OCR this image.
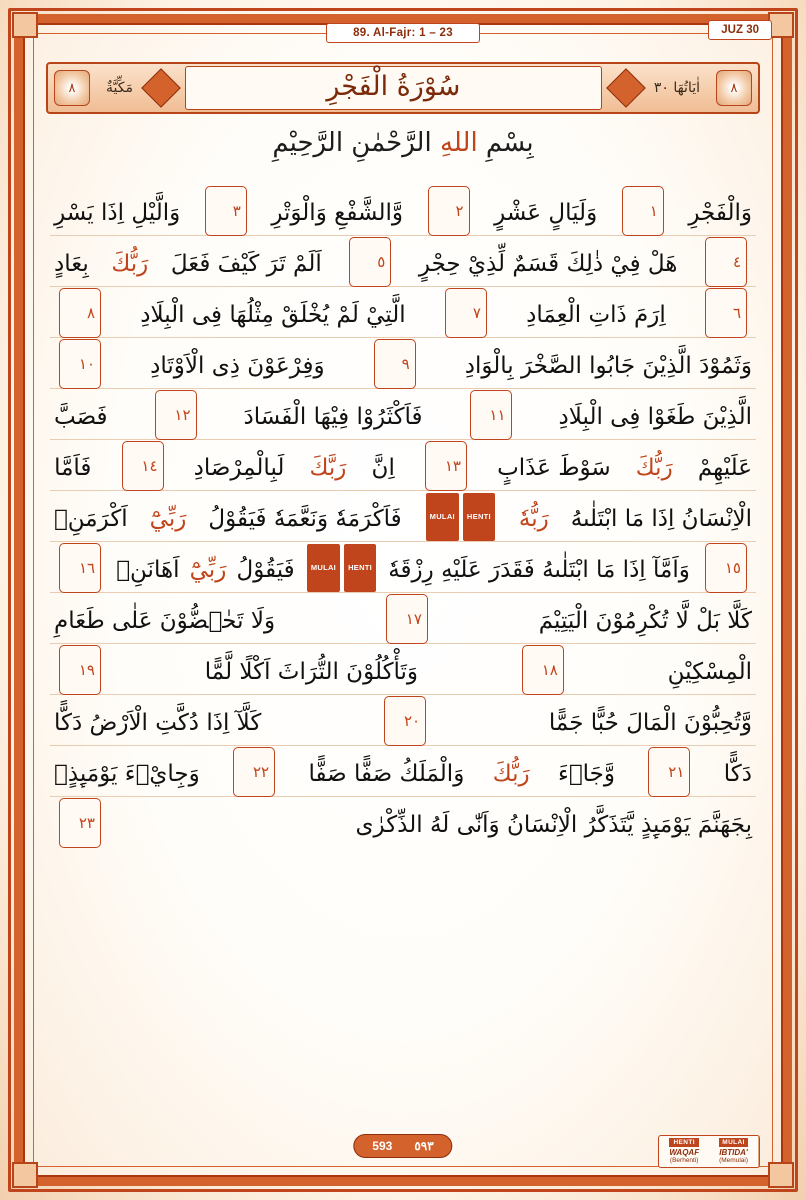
89. Al-Fajr: 1 – 23	JUZ 30
۸	مَكِّيَّةٌ	سُوْرَةُ الْفَجْرِ	اٰيَاتُهَا ٣٠	۸
بِسْمِ اللهِ الرَّحْمٰنِ الرَّحِيْمِ
وَالْفَجْرِ
١
وَلَيَالٍ عَشْرٍ
٢
وَّالشَّفْعِ وَالْوَتْرِ
٣
وَالَّيْلِ اِذَا يَسْرِ
٤
هَلْ فِيْ ذٰلِكَ قَسَمٌ لِّذِيْ حِجْرٍ
٥
اَلَمْ تَرَ كَيْفَ فَعَلَ
رَبُّكَ
بِعَادٍ
٦
اِرَمَ ذَاتِ الْعِمَادِ
٧
الَّتِيْ لَمْ يُخْلَقْ مِثْلُهَا فِى الْبِلَادِ
٨
وَثَمُوْدَ الَّذِيْنَ جَابُوا الصَّخْرَ بِالْوَادِ
٩
وَفِرْعَوْنَ ذِى الْاَوْتَادِ
١٠
الَّذِيْنَ طَغَوْا فِى الْبِلَادِ
١١
فَاَكْثَرُوْا فِيْهَا الْفَسَادَ
١٢
فَصَبَّ
عَلَيْهِمْ
رَبُّكَ
سَوْطَ عَذَابٍ
١٣
اِنَّ
رَبَّكَ
لَبِالْمِرْصَادِ
١٤
فَاَمَّا
الْاِنْسَانُ اِذَا مَا ابْتَلٰىهُ
رَبُّهٗ
HENTIMULAI
فَاَكْرَمَهٗ وَنَعَّمَهٗ فَيَقُوْلُ
رَبِّيْٓ
اَكْرَمَنِۗ
١٥
وَاَمَّآ اِذَا مَا ابْتَلٰىهُ فَقَدَرَ عَلَيْهِ رِزْقَهٗ
HENTIMULAI
فَيَقُوْلُ
رَبِّيْٓ
اَهَانَنِۚ
١٦
كَلَّا بَلْ لَّا تُكْرِمُوْنَ الْيَتِيْمَ
١٧
وَلَا تَحٰۤضُّوْنَ عَلٰى طَعَامِ
الْمِسْكِيْنِ
١٨
وَتَأْكُلُوْنَ التُّرَاثَ اَكْلًا لَّمًّا
١٩
وَّتُحِبُّوْنَ الْمَالَ حُبًّا جَمًّا
٢٠
كَلَّآ اِذَا دُكَّتِ الْاَرْضُ دَكًّا
دَكًّا
٢١
وَّجَاۤءَ
رَبُّكَ
وَالْمَلَكُ صَفًّا صَفًّا
٢٢
وَجِايْۤءَ يَوْمَىِٕذٍۢ
بِجَهَنَّمَ يَوْمَىِٕذٍ يَّتَذَكَّرُ الْاِنْسَانُ وَاَنّٰى لَهُ الذِّكْرٰى
٢٣
593 ٥٩٣	HENTI
WAQAF
(Berhenti)
MULAI
IBTIDA'
(Memulai)
